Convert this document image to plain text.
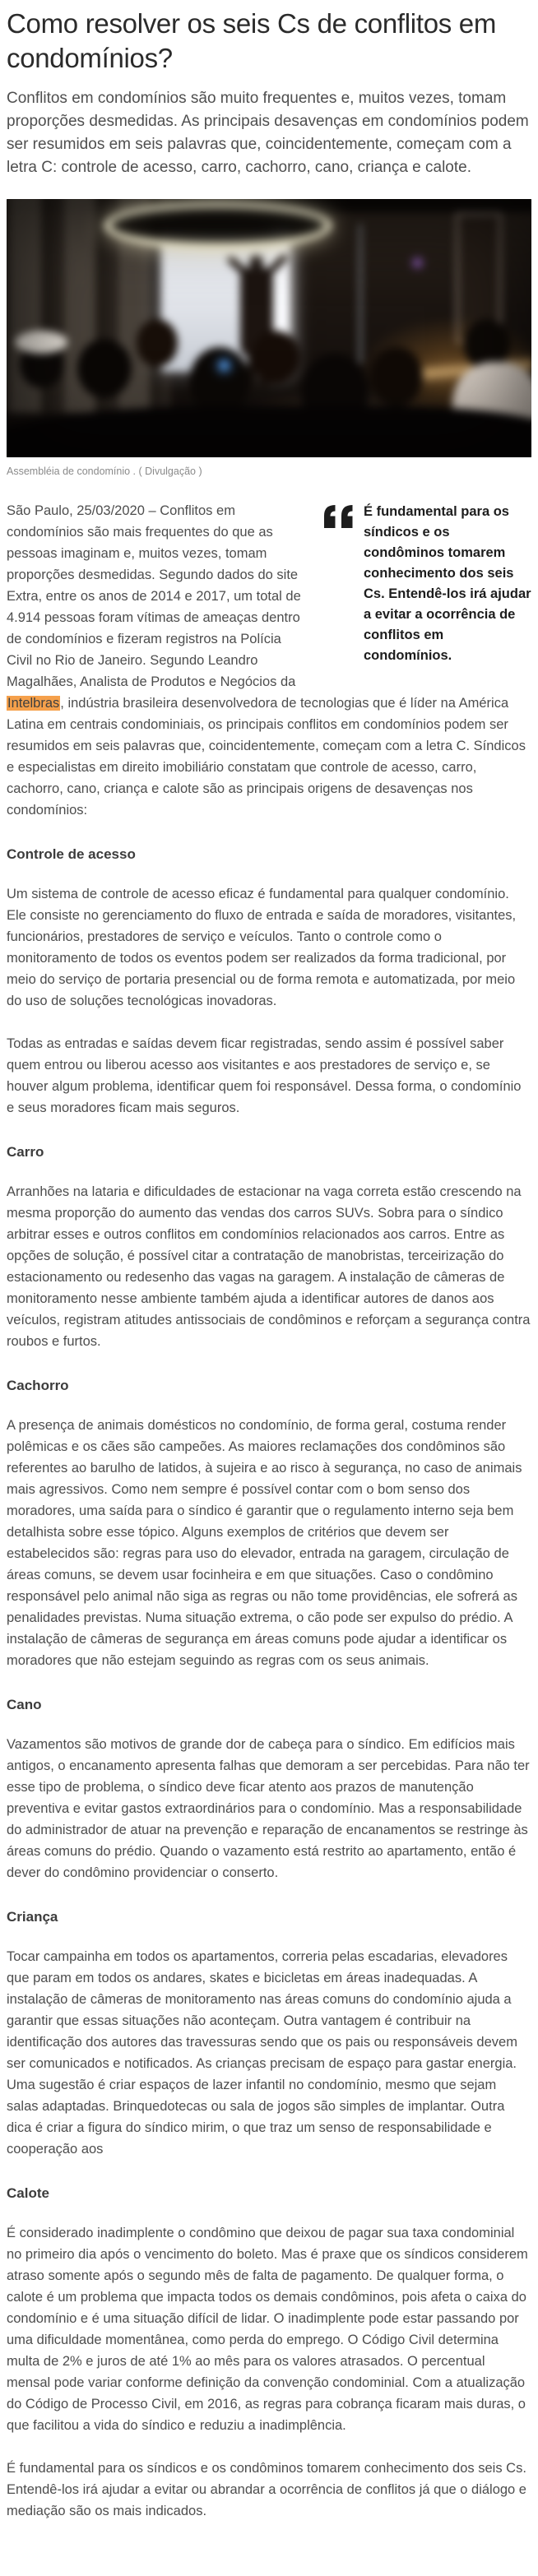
Como resolver os seis Cs de conflitos em condomínios?

Conflitos em condomínios são muito frequentes e, muitos vezes, tomam proporções desmedidas. As principais desavenças em condomínios podem ser resumidos em seis palavras que, coincidentemente, começam com a letra C: controle de acesso, carro, cachorro, cano, criança e calote.

Assembléia de condomínio . ( Divulgação )

É fundamental para os síndicos e os condôminos tomarem conhecimento dos seis Cs. Entendê-los irá ajudar a evitar a ocorrência de conflitos em condomínios.

São Paulo, 25/03/2020 – Conflitos em condomínios são mais frequentes do que as pessoas imaginam e, muitos vezes, tomam proporções desmedidas. Segundo dados do site Extra, entre os anos de 2014 e 2017, um total de 4.914 pessoas foram vítimas de ameaças dentro de condomínios e fizeram registros na Polícia Civil no Rio de Janeiro. Segundo Leandro Magalhães, Analista de Produtos e Negócios da Intelbras, indústria brasileira desenvolvedora de tecnologias que é líder na América Latina em centrais condominiais, os principais conflitos em condomínios podem ser resumidos em seis palavras que, coincidentemente, começam com a letra C. Síndicos e especialistas em direito imobiliário constatam que controle de acesso, carro, cachorro, cano, criança e calote são as principais origens de desavenças nos condomínios:

Controle de acesso

Um sistema de controle de acesso eficaz é fundamental para qualquer condomínio. Ele consiste no gerenciamento do fluxo de entrada e saída de moradores, visitantes, funcionários, prestadores de serviço e veículos. Tanto o controle como o monitoramento de todos os eventos podem ser realizados da forma tradicional, por meio do serviço de portaria presencial ou de forma remota e automatizada, por meio do uso de soluções tecnológicas inovadoras.

Todas as entradas e saídas devem ficar registradas, sendo assim é possível saber quem entrou ou liberou acesso aos visitantes e aos prestadores de serviço e, se houver algum problema, identificar quem foi responsável. Dessa forma, o condomínio e seus moradores ficam mais seguros.

Carro

Arranhões na lataria e dificuldades de estacionar na vaga correta estão crescendo na mesma proporção do aumento das vendas dos carros SUVs. Sobra para o síndico arbitrar esses e outros conflitos em condomínios relacionados aos carros. Entre as opções de solução, é possível citar a contratação de manobristas, terceirização do estacionamento ou redesenho das vagas na garagem. A instalação de câmeras de monitoramento nesse ambiente também ajuda a identificar autores de danos aos veículos, registram atitudes antissociais de condôminos e reforçam a segurança contra roubos e furtos.

Cachorro

A presença de animais domésticos no condomínio, de forma geral, costuma render polêmicas e os cães são campeões. As maiores reclamações dos condôminos são referentes ao barulho de latidos, à sujeira e ao risco à segurança, no caso de animais mais agressivos. Como nem sempre é possível contar com o bom senso dos moradores, uma saída para o síndico é garantir que o regulamento interno seja bem detalhista sobre esse tópico. Alguns exemplos de critérios que devem ser estabelecidos são: regras para uso do elevador, entrada na garagem, circulação de áreas comuns, se devem usar focinheira e em que situações. Caso o condômino responsável pelo animal não siga as regras ou não tome providências, ele sofrerá as penalidades previstas. Numa situação extrema, o cão pode ser expulso do prédio. A instalação de câmeras de segurança em áreas comuns pode ajudar a identificar os moradores que não estejam seguindo as regras com os seus animais.

Cano

Vazamentos são motivos de grande dor de cabeça para o síndico. Em edifícios mais antigos, o encanamento apresenta falhas que demoram a ser percebidas. Para não ter esse tipo de problema, o síndico deve ficar atento aos prazos de manutenção preventiva e evitar gastos extraordinários para o condomínio. Mas a responsabilidade do administrador de atuar na prevenção e reparação de encanamentos se restringe às áreas comuns do prédio. Quando o vazamento está restrito ao apartamento, então é dever do condômino providenciar o conserto.

Criança

Tocar campainha em todos os apartamentos, correria pelas escadarias, elevadores que param em todos os andares, skates e bicicletas em áreas inadequadas. A instalação de câmeras de monitoramento nas áreas comuns do condomínio ajuda a garantir que essas situações não aconteçam. Outra vantagem é contribuir na identificação dos autores das travessuras sendo que os pais ou responsáveis devem ser comunicados e notificados. As crianças precisam de espaço para gastar energia. Uma sugestão é criar espaços de lazer infantil no condomínio, mesmo que sejam salas adaptadas. Brinquedotecas ou sala de jogos são simples de implantar. Outra dica é criar a figura do síndico mirim, o que traz um senso de responsabilidade e cooperação aos

Calote

É considerado inadimplente o condômino que deixou de pagar sua taxa condominial no primeiro dia após o vencimento do boleto. Mas é praxe que os síndicos considerem atraso somente após o segundo mês de falta de pagamento. De qualquer forma, o calote é um problema que impacta todos os demais condôminos, pois afeta o caixa do condomínio e é uma situação difícil de lidar. O inadimplente pode estar passando por uma dificuldade momentânea, como perda do emprego. O Código Civil determina multa de 2% e juros de até 1% ao mês para os valores atrasados. O percentual mensal pode variar conforme definição da convenção condominial. Com a atualização do Código de Processo Civil, em 2016, as regras para cobrança ficaram mais duras, o que facilitou a vida do síndico e reduziu a inadimplência.

É fundamental para os síndicos e os condôminos tomarem conhecimento dos seis Cs. Entendê-los irá ajudar a evitar ou abrandar a ocorrência de conflitos já que o diálogo e mediação são os mais indicados.
